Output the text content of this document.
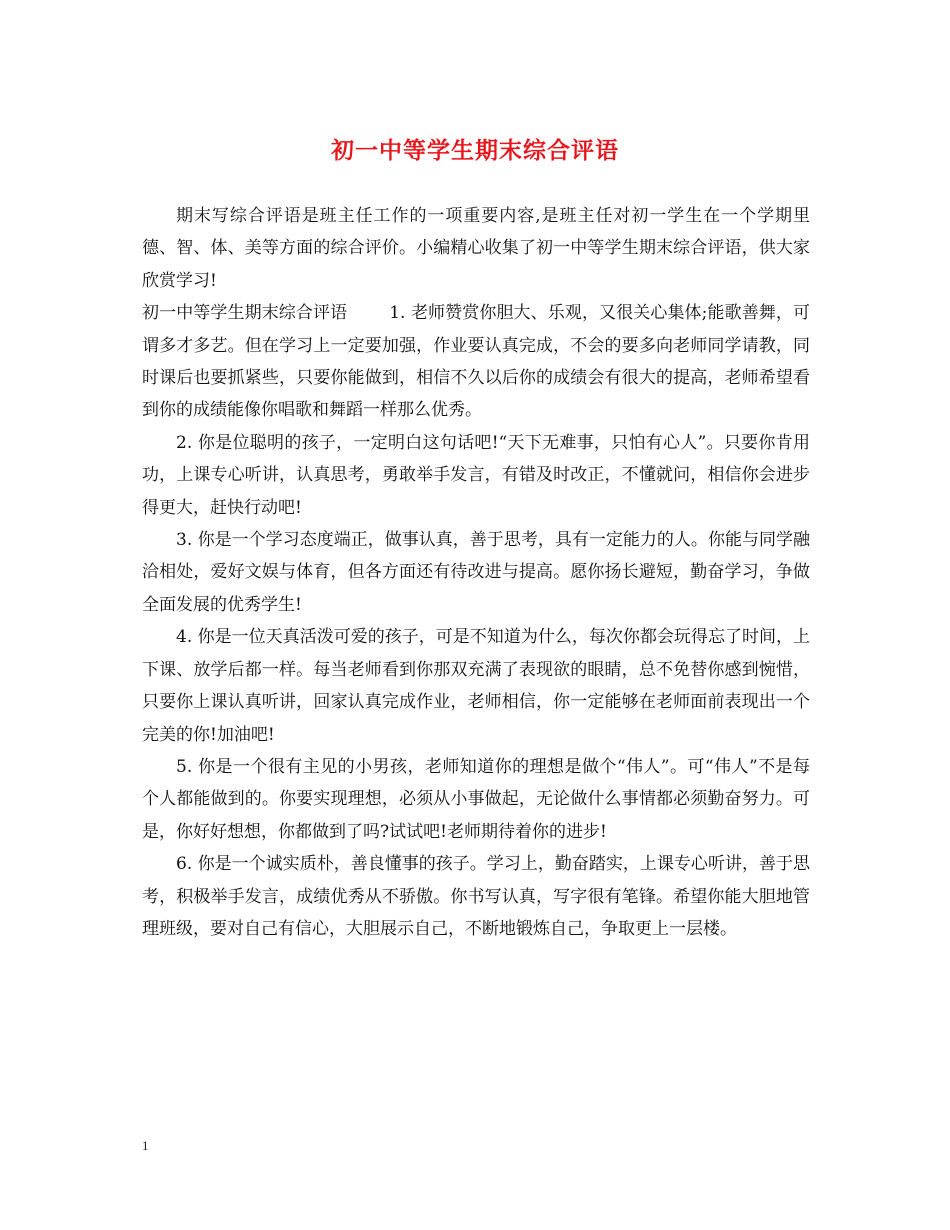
初一中等学生期末综合评语

期末写综合评语是班主任工作的一项重要内容,是班主任对初一学生在一个学期里德、智、体、美等方面的综合评价。小编精心收集了初一中等学生期末综合评语，供大家欣赏学习!

初一中等学生期末综合评语 1. 老师赞赏你胆大、乐观，又很关心集体;能歌善舞，可谓多才多艺。但在学习上一定要加强，作业要认真完成，不会的要多向老师同学请教，同时课后也要抓紧些，只要你能做到，相信不久以后你的成绩会有很大的提高，老师希望看到你的成绩能像你唱歌和舞蹈一样那么优秀。

2. 你是位聪明的孩子，一定明白这句话吧!“天下无难事，只怕有心人”。只要你肯用功，上课专心听讲，认真思考，勇敢举手发言，有错及时改正，不懂就问，相信你会进步得更大，赶快行动吧!

3. 你是一个学习态度端正，做事认真，善于思考，具有一定能力的人。你能与同学融洽相处，爱好文娱与体育，但各方面还有待改进与提高。愿你扬长避短，勤奋学习，争做全面发展的优秀学生!

4. 你是一位天真活泼可爱的孩子，可是不知道为什么，每次你都会玩得忘了时间，上下课、放学后都一样。每当老师看到你那双充满了表现欲的眼睛，总不免替你感到惋惜，只要你上课认真听讲，回家认真完成作业，老师相信，你一定能够在老师面前表现出一个完美的你!加油吧!

5. 你是一个很有主见的小男孩，老师知道你的理想是做个“伟人”。可“伟人”不是每个人都能做到的。你要实现理想，必须从小事做起，无论做什么事情都必须勤奋努力。可是，你好好想想，你都做到了吗?试试吧!老师期待着你的进步!

6. 你是一个诚实质朴，善良懂事的孩子。学习上，勤奋踏实，上课专心听讲，善于思考，积极举手发言，成绩优秀从不骄傲。你书写认真，写字很有笔锋。希望你能大胆地管理班级，要对自己有信心，大胆展示自己，不断地锻炼自己，争取更上一层楼。

1
